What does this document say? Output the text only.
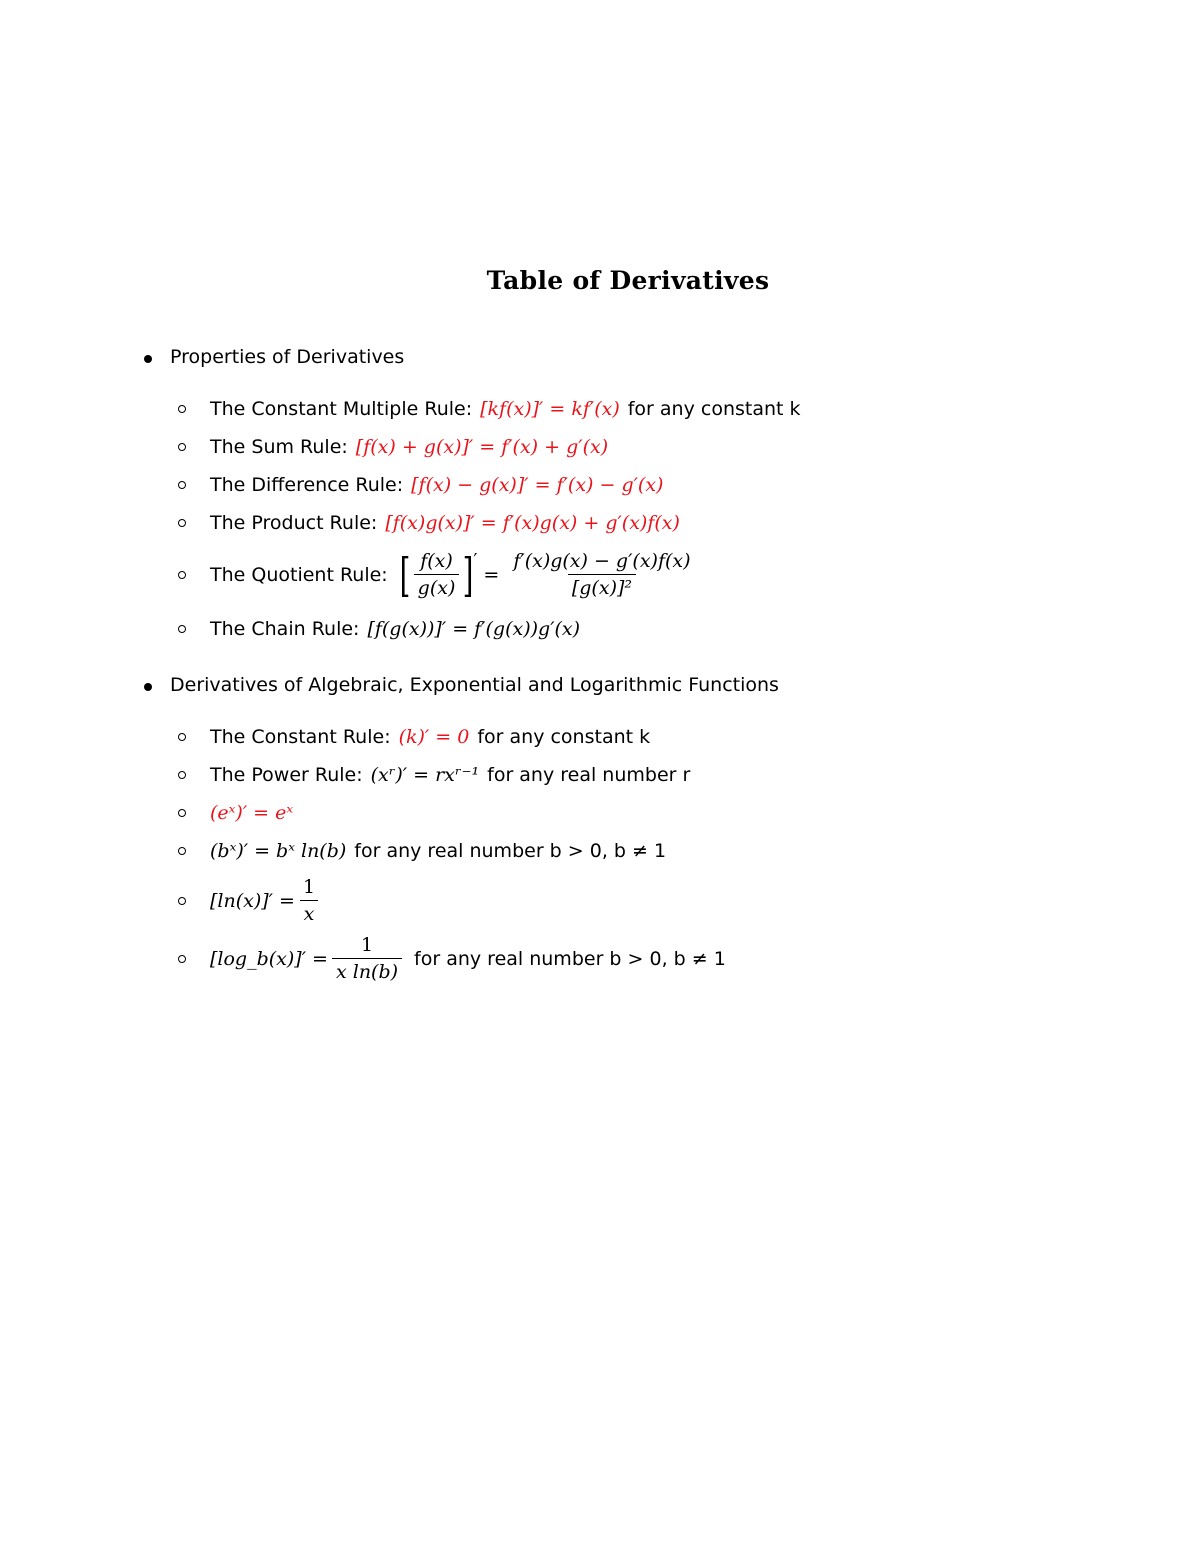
Table of Derivatives
Properties of Derivatives
The Constant Multiple Rule: [kf(x)]′ = kf′(x) for any constant k
The Sum Rule: [f(x) + g(x)]′ = f′(x) + g′(x)
The Difference Rule: [f(x) − g(x)]′ = f′(x) − g′(x)
The Product Rule: [f(x)g(x)]′ = f′(x)g(x) + g′(x)f(x)
The Quotient Rule: [ $\frac{f(x)}{g(x)}$ ] ′
= $\frac{f'(x)g(x) - g'(x)f(x)}{\text{[g(x)]²}}$
The Chain Rule: [f(g(x))]′ = f′(g(x))g′(x)
Derivatives of Algebraic, Exponential and Logarithmic Functions
The Constant Rule: (k)′ = 0 for any constant k
The Power Rule: (xʳ)′ = rxʳ⁻¹ for any real number r
(eˣ)′ = eˣ
(bˣ)′ = bˣ ln(b) for any real number b > 0, b ≠ 1
$[\ln(x)]' = \frac{1}{x}$
[log_b(x)]′ = $\frac{1}{\text{x ln(b)}}$ for any real number b > 0, b ≠ 1
